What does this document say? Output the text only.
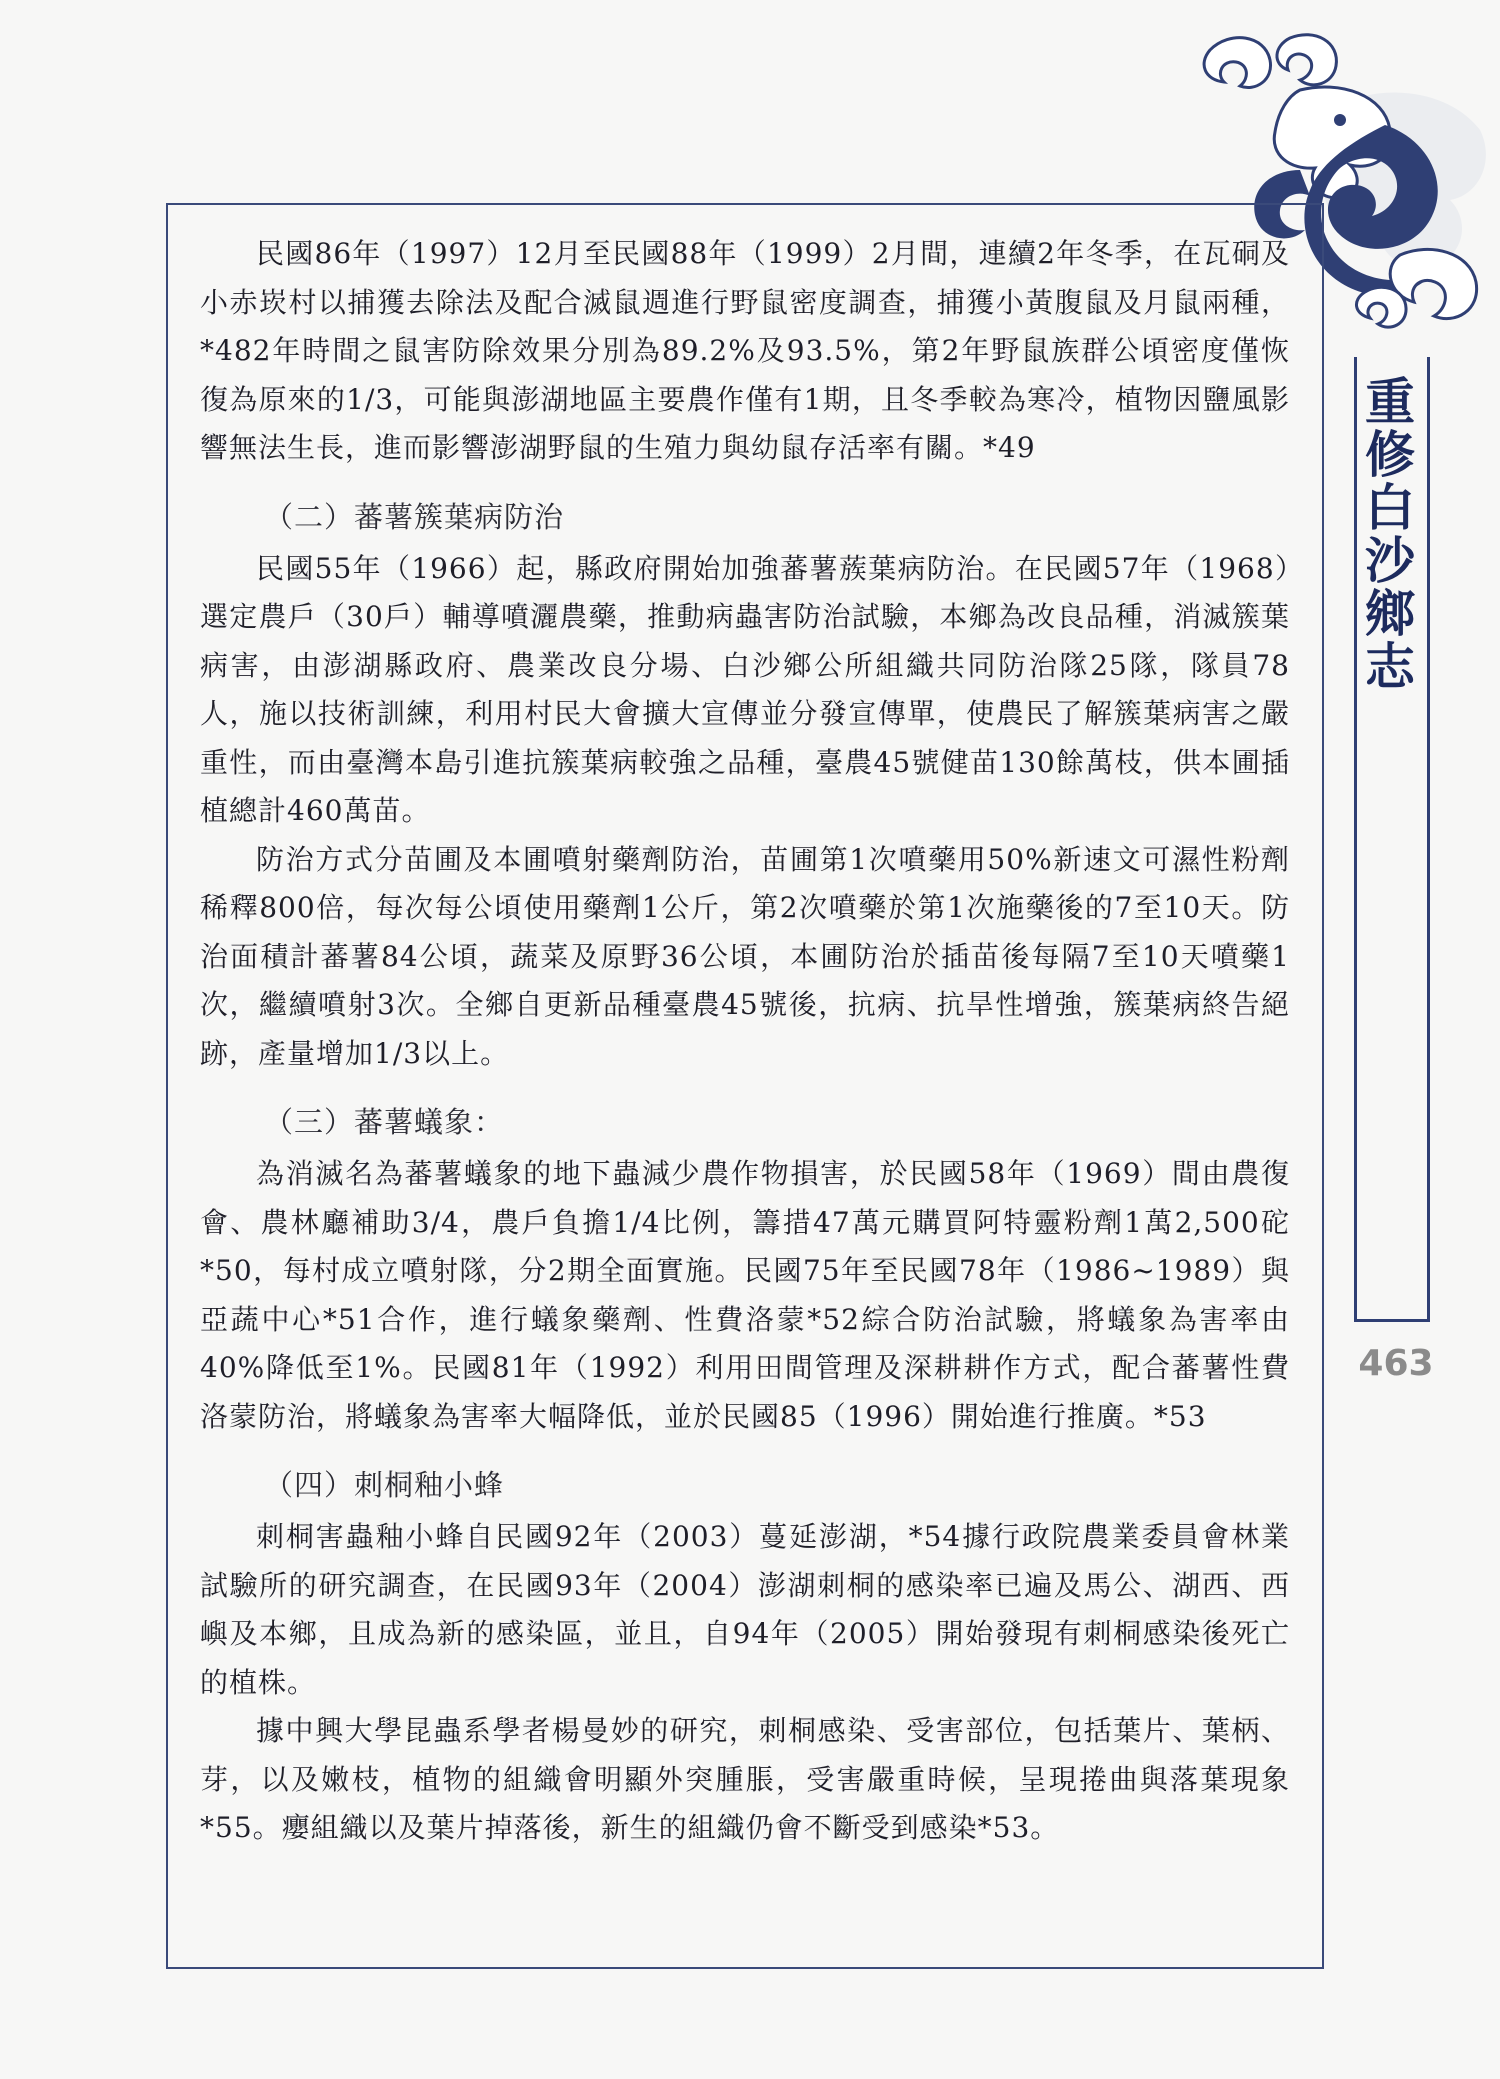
民國86年（1997）12月至民國88年（1999）2月間，連續2年冬季，在瓦硐及小赤崁村以捕獲去除法及配合滅鼠週進行野鼠密度調查，捕獲小黃腹鼠及月鼠兩種，*482年時間之鼠害防除效果分別為89.2%及93.5%，第2年野鼠族群公頃密度僅恢復為原來的1/3，可能與澎湖地區主要農作僅有1期，且冬季較為寒冷，植物因鹽風影響無法生長，進而影響澎湖野鼠的生殖力與幼鼠存活率有關。*49

（二）蕃薯簇葉病防治

民國55年（1966）起，縣政府開始加強蕃薯蔟葉病防治。在民國57年（1968）選定農戶（30戶）輔導噴灑農藥，推動病蟲害防治試驗，本鄉為改良品種，消滅簇葉病害，由澎湖縣政府、農業改良分場、白沙鄉公所組織共同防治隊25隊，隊員78人，施以技術訓練，利用村民大會擴大宣傳並分發宣傳單，使農民了解簇葉病害之嚴重性，而由臺灣本島引進抗簇葉病較強之品種，臺農45號健苗130餘萬枝，供本圃插植總計460萬苗。

防治方式分苗圃及本圃噴射藥劑防治，苗圃第1次噴藥用50%新速文可濕性粉劑稀釋800倍，每次每公頃使用藥劑1公斤，第2次噴藥於第1次施藥後的7至10天。防治面積計蕃薯84公頃，蔬菜及原野36公頃，本圃防治於插苗後每隔7至10天噴藥1次，繼續噴射3次。全鄉自更新品種臺農45號後，抗病、抗旱性增強，簇葉病終告絕跡，產量增加1/3以上。

（三）蕃薯蟻象：

為消滅名為蕃薯蟻象的地下蟲減少農作物損害，於民國58年（1969）間由農復會、農林廳補助3/4，農戶負擔1/4比例，籌措47萬元購買阿特靈粉劑1萬2,500砣*50，每村成立噴射隊，分2期全面實施。民國75年至民國78年（1986~1989）與亞蔬中心*51合作，進行蟻象藥劑、性費洛蒙*52綜合防治試驗，將蟻象為害率由40%降低至1%。民國81年（1992）利用田間管理及深耕耕作方式，配合蕃薯性費洛蒙防治，將蟻象為害率大幅降低，並於民國85（1996）開始進行推廣。*53

（四）刺桐釉小蜂

刺桐害蟲釉小蜂自民國92年（2003）蔓延澎湖，*54據行政院農業委員會林業試驗所的研究調查，在民國93年（2004）澎湖刺桐的感染率已遍及馬公、湖西、西嶼及本鄉，且成為新的感染區，並且，自94年（2005）開始發現有刺桐感染後死亡的植株。

據中興大學昆蟲系學者楊曼妙的研究，刺桐感染、受害部位，包括葉片、葉柄、芽，以及嫩枝，植物的組織會明顯外突腫脹，受害嚴重時候，呈現捲曲與落葉現象*55。癭組織以及葉片掉落後，新生的組織仍會不斷受到感染*53。

重修白沙鄉志
463
